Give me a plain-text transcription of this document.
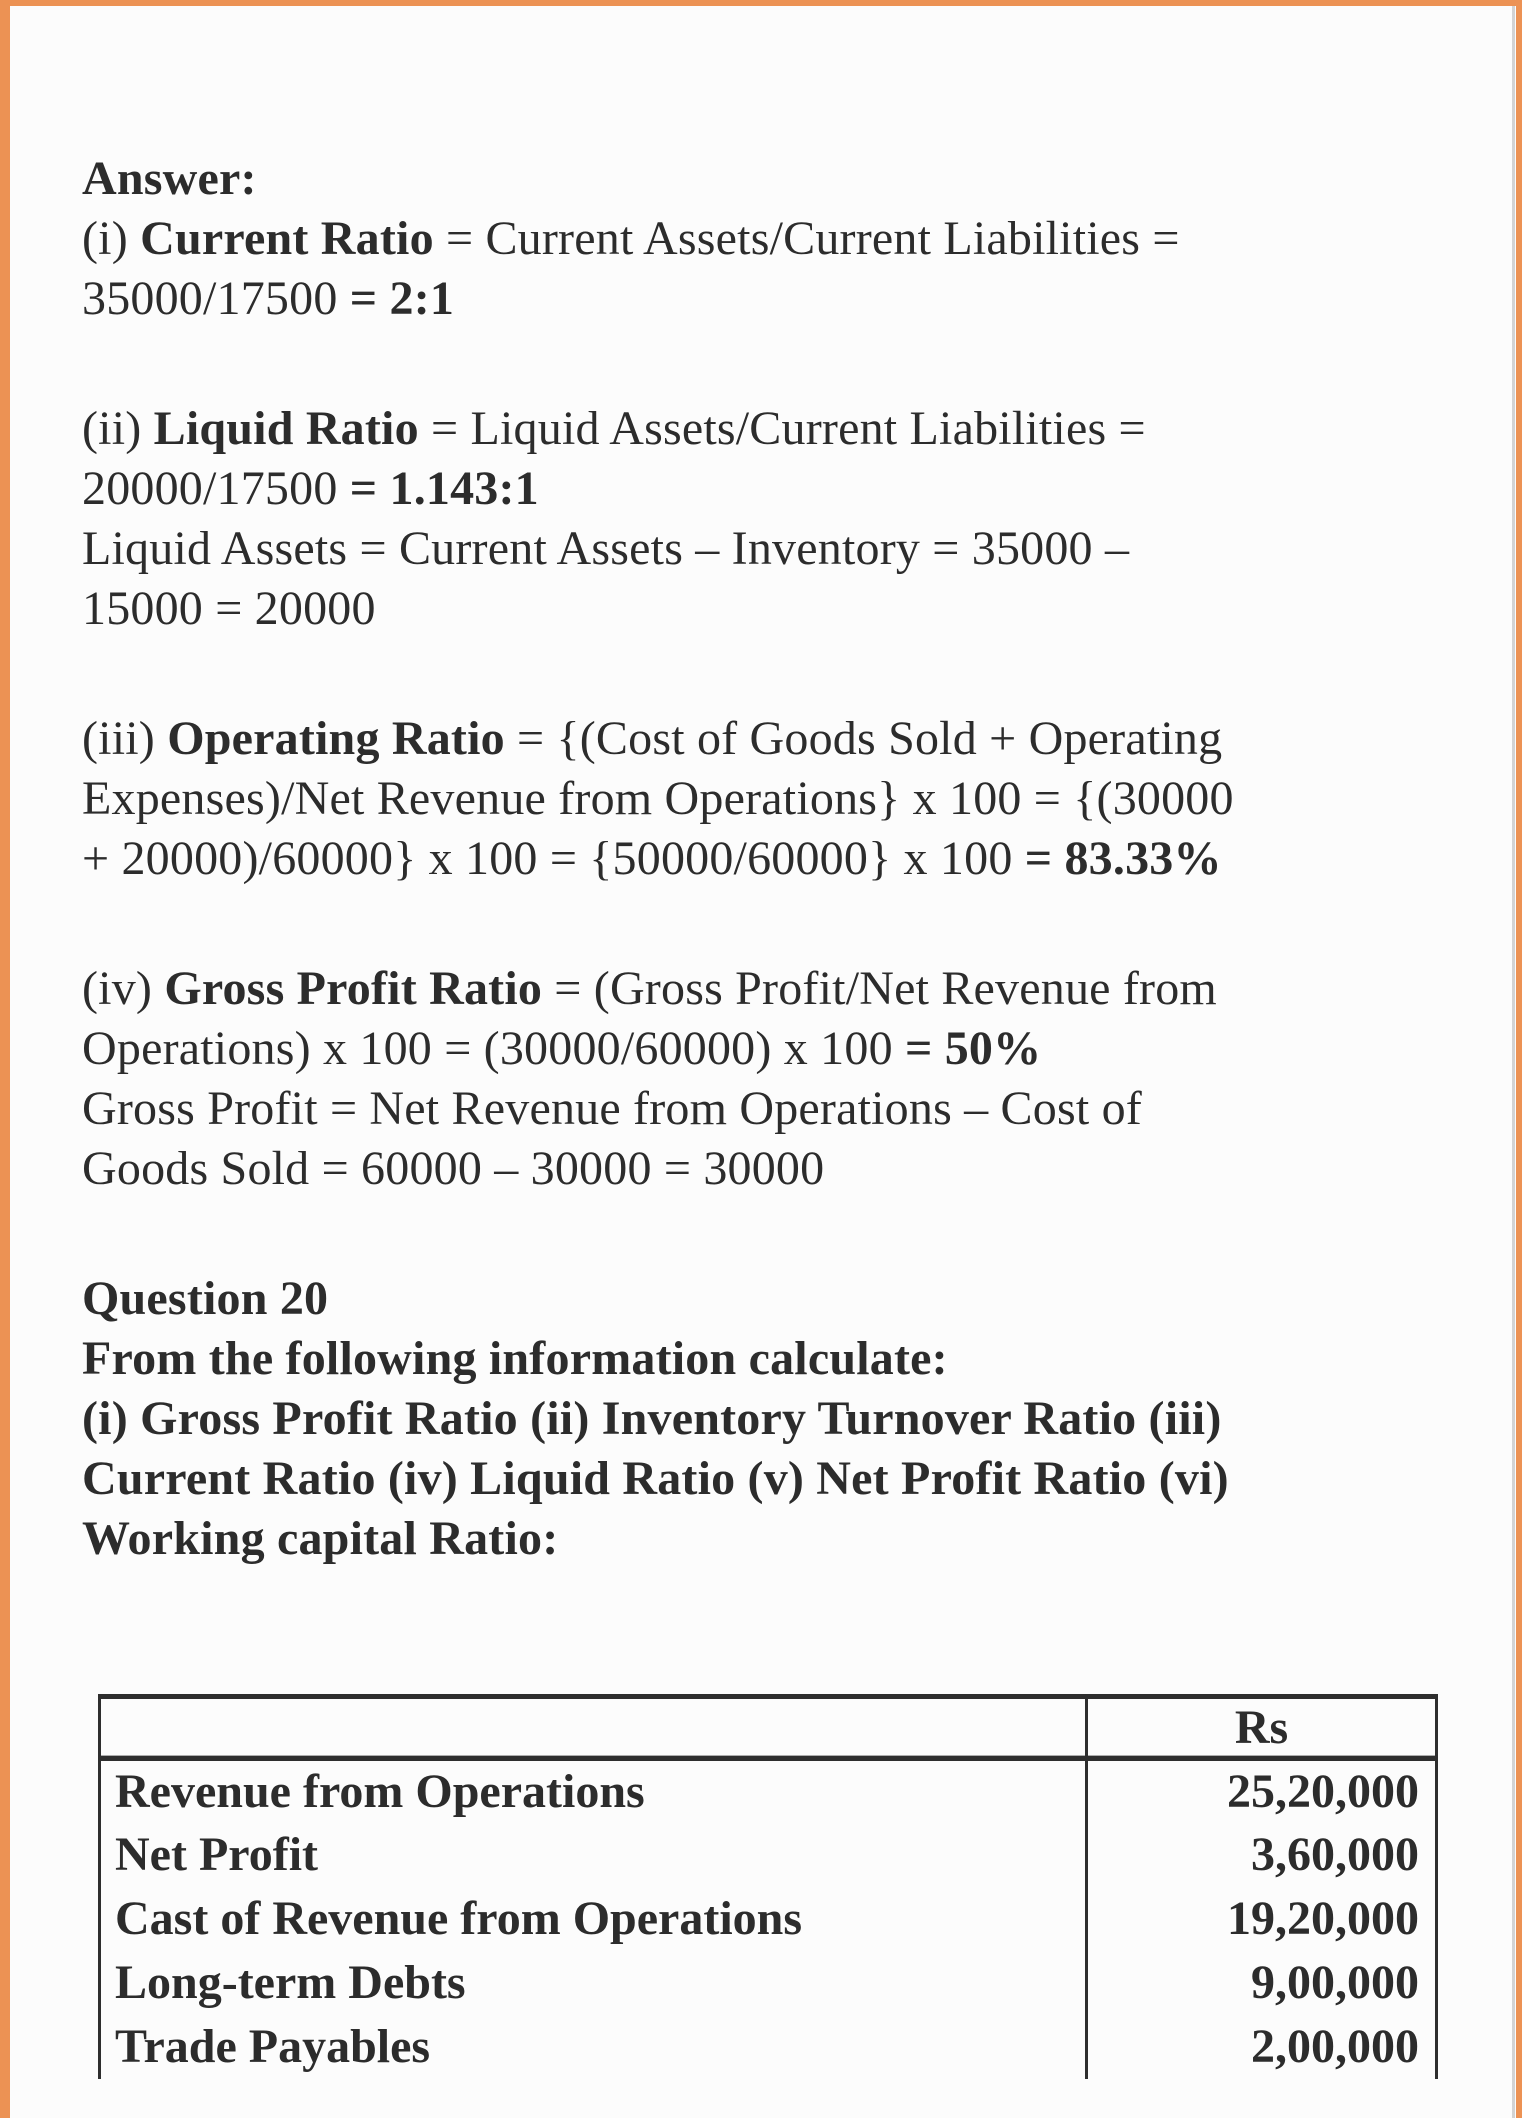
Answer:
(i) Current Ratio = Current Assets/Current Liabilities =
35000/17500 = 2:1
(ii) Liquid Ratio = Liquid Assets/Current Liabilities =
20000/17500 = 1.143:1
Liquid Assets = Current Assets – Inventory = 35000 –
15000 = 20000
(iii) Operating Ratio = {(Cost of Goods Sold + Operating
Expenses)/Net Revenue from Operations} x 100 = {(30000
+ 20000)/60000} x 100 = {50000/60000} x 100 = 83.33%
(iv) Gross Profit Ratio = (Gross Profit/Net Revenue from
Operations) x 100 = (30000/60000) x 100 = 50%
Gross Profit = Net Revenue from Operations – Cost of
Goods Sold = 60000 – 30000 = 30000
Question 20
From the following information calculate:
(i) Gross Profit Ratio (ii) Inventory Turnover Ratio (iii)
Current Ratio (iv) Liquid Ratio (v) Net Profit Ratio (vi)
Working capital Ratio:
	Rs
Revenue from Operations	25,20,000
Net Profit	3,60,000
Cast of Revenue from Operations	19,20,000
Long-term Debts	9,00,000
Trade Payables	2,00,000
